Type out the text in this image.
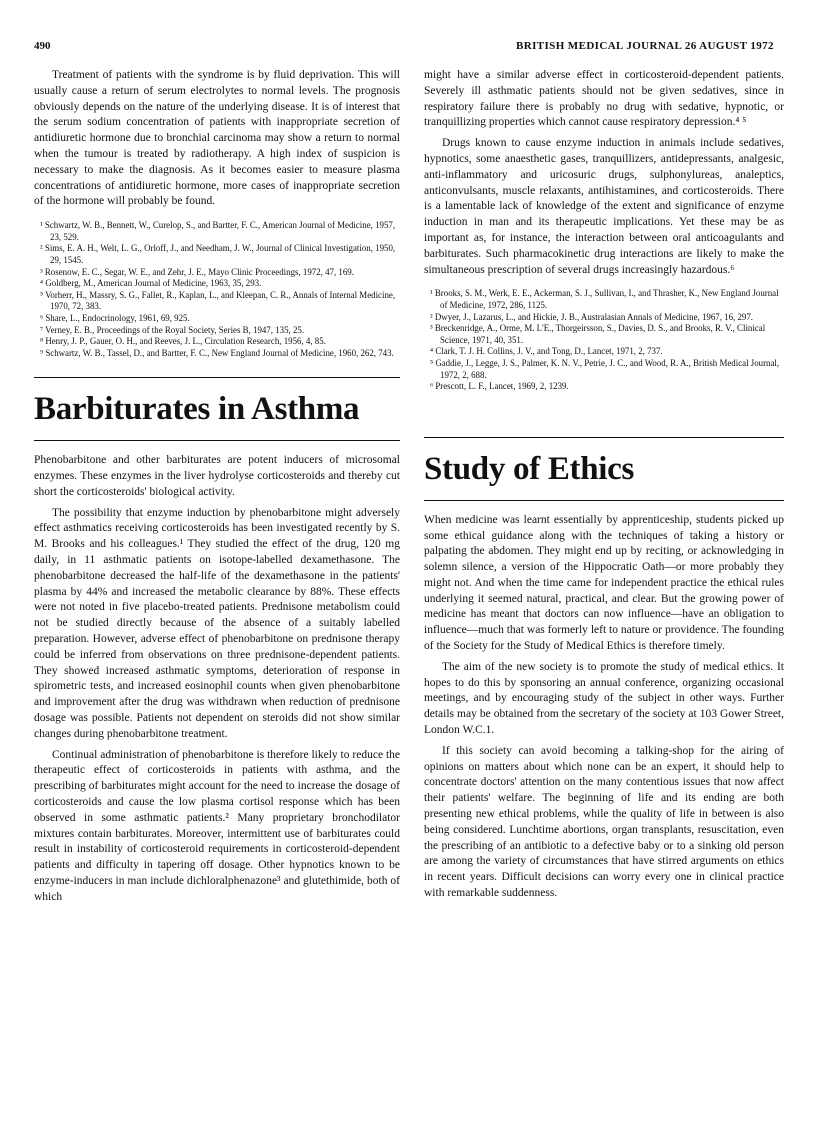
490	BRITISH MEDICAL JOURNAL 26 AUGUST 1972

Treatment of patients with the syndrome is by fluid deprivation. This will usually cause a return of serum electrolytes to normal levels. The prognosis obviously depends on the nature of the underlying disease. It is of interest that the serum sodium concentration of patients with inappropriate secretion of antidiuretic hormone due to bronchial carcinoma may show a return to normal when the tumour is treated by radiotherapy. A high index of suspicion is necessary to make the diagnosis. As it becomes easier to measure plasma concentrations of antidiuretic hormone, more cases of inappropriate secretion of the hormone will probably be found.

¹ Schwartz, W. B., Bennett, W., Curelop, S., and Bartter, F. C., American Journal of Medicine, 1957, 23, 529.
² Sims, E. A. H., Welt, L. G., Orloff, J., and Needham, J. W., Journal of Clinical Investigation, 1950, 29, 1545.
³ Rosenow, E. C., Segar, W. E., and Zehr, J. E., Mayo Clinic Proceedings, 1972, 47, 169.
⁴ Goldberg, M., American Journal of Medicine, 1963, 35, 293.
⁵ Vorherr, H., Massry, S. G., Fallet, R., Kaplan, L., and Kleepan, C. R., Annals of Internal Medicine, 1970, 72, 383.
⁶ Share, L., Endocrinology, 1961, 69, 925.
⁷ Verney, E. B., Proceedings of the Royal Society, Series B, 1947, 135, 25.
⁸ Henry, J. P., Gauer, O. H., and Reeves, J. L., Circulation Research, 1956, 4, 85.
⁹ Schwartz, W. B., Tassel, D., and Bartter, F. C., New England Journal of Medicine, 1960, 262, 743.
Barbiturates in Asthma

Phenobarbitone and other barbiturates are potent inducers of microsomal enzymes. These enzymes in the liver hydrolyse corticosteroids and thereby cut short the corticosteroids' biological activity.

The possibility that enzyme induction by phenobarbitone might adversely effect asthmatics receiving corticosteroids has been investigated recently by S. M. Brooks and his colleagues.¹ They studied the effect of the drug, 120 mg daily, in 11 asthmatic patients on isotope-labelled dexamethasone. The phenobarbitone decreased the half-life of the dexamethasone in the patients' plasma by 44% and increased the metabolic clearance by 88%. These effects were not noted in five placebo-treated patients. Prednisone metabolism could not be studied directly because of the absence of a suitably labelled preparation. However, adverse effect of phenobarbitone on prednisone therapy could be inferred from observations on three prednisone-dependent patients. They showed increased asthmatic symptoms, deterioration of response in spirometric tests, and increased eosinophil counts when given phenobarbitone and improvement after the drug was withdrawn when reduction of prednisone dosage was possible. Patients not dependent on steroids did not show similar changes during phenobarbitone treatment.

Continual administration of phenobarbitone is therefore likely to reduce the therapeutic effect of corticosteroids in patients with asthma, and the prescribing of barbiturates might account for the need to increase the dosage of corticosteroids and cause the low plasma cortisol response which has been observed in some asthmatic patients.² Many proprietary bronchodilator mixtures contain barbiturates. Moreover, intermittent use of barbiturates could result in instability of corticosteroid requirements in corticosteroid-dependent patients and difficulty in tapering off dosage. Other hypnotics known to be enzyme-inducers in man include dichloralphenazone³ and glutethimide, both of which

might have a similar adverse effect in corticosteroid-dependent patients. Severely ill asthmatic patients should not be given sedatives, since in respiratory failure there is probably no drug with sedative, hypnotic, or tranquillizing properties which cannot cause respiratory depression.⁴ ⁵

Drugs known to cause enzyme induction in animals include sedatives, hypnotics, some anaesthetic gases, tranquillizers, antidepressants, analgesic, anti-inflammatory and uricosuric drugs, sulphonylureas, analeptics, anticonvulsants, muscle relaxants, antihistamines, and corticosteroids. There is a lamentable lack of knowledge of the extent and significance of enzyme induction in man and its therapeutic implications. Yet these may be as important as, for instance, the interaction between oral anticoagulants and barbiturates. Such pharmacokinetic drug interactions are likely to make the simultaneous prescription of several drugs increasingly hazardous.⁶

¹ Brooks, S. M., Werk, E. E., Ackerman, S. J., Sullivan, I., and Thrasher, K., New England Journal of Medicine, 1972, 286, 1125.
² Dwyer, J., Lazarus, L., and Hickie, J. B., Australasian Annals of Medicine, 1967, 16, 297.
³ Breckenridge, A., Orme, M. L'E., Thorgeirsson, S., Davies, D. S., and Brooks, R. V., Clinical Science, 1971, 40, 351.
⁴ Clark, T. J. H. Collins, J. V., and Tong, D., Lancet, 1971, 2, 737.
⁵ Gaddie, J., Legge, J. S., Palmer, K. N. V., Petrie, J. C., and Wood, R. A., British Medical Journal, 1972, 2, 688.
⁶ Prescott, L. F., Lancet, 1969, 2, 1239.
Study of Ethics

When medicine was learnt essentially by apprenticeship, students picked up some ethical guidance along with the techniques of taking a history or palpating the abdomen. They might end up by reciting, or acknowledging in solemn silence, a version of the Hippocratic Oath—or more probably they might not. And when the time came for independent practice the ethical rules underlying it seemed natural, practical, and clear. But the growing power of medicine has meant that doctors can now influence—have an obligation to influence—much that was formerly left to nature or providence. The founding of the Society for the Study of Medical Ethics is therefore timely.

The aim of the new society is to promote the study of medical ethics. It hopes to do this by sponsoring an annual conference, organizing occasional meetings, and by encouraging study of the subject in other ways. Further details may be obtained from the secretary of the society at 103 Gower Street, London W.C.1.

If this society can avoid becoming a talking-shop for the airing of opinions on matters about which none can be an expert, it should help to concentrate doctors' attention on the many contentious issues that now affect their patients' welfare. The beginning of life and its ending are both presenting new ethical problems, while the quality of life in between is also being considered. Lunchtime abortions, organ transplants, resuscitation, even the prescribing of an antibiotic to a defective baby or to a sinking old person are among the variety of circumstances that have stirred arguments on ethics in recent years. Difficult decisions can worry every one in clinical practice with remarkable suddenness.
